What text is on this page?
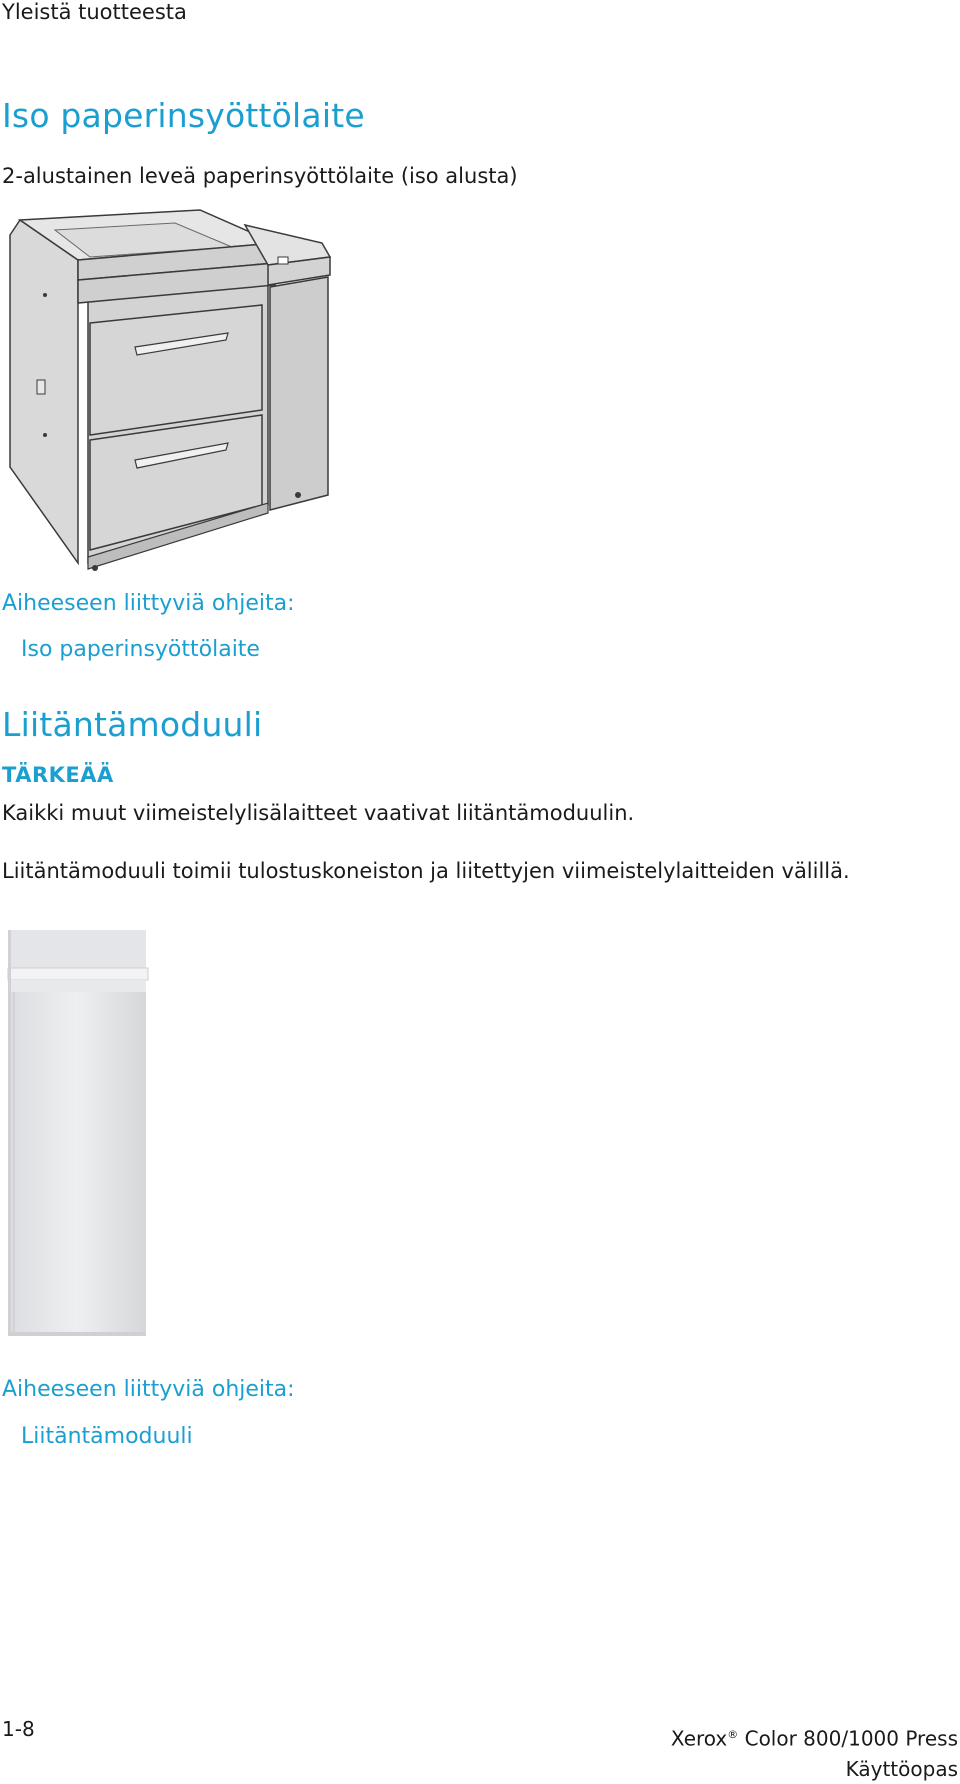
Yleistä tuotteesta
Iso paperinsyöttölaite
2-alustainen leveä paperinsyöttölaite (iso alusta)
Aiheeseen liittyviä ohjeita:
Iso paperinsyöttölaite
Liitäntämoduuli
TÄRKEÄÄ
Kaikki muut viimeistelylisälaitteet vaativat liitäntämoduulin.
Liitäntämoduuli toimii tulostuskoneiston ja liitettyjen viimeistelylaitteiden välillä.
Aiheeseen liittyviä ohjeita:
Liitäntämoduuli
1-8	Xerox® Color 800/1000 Press
Käyttöopas
